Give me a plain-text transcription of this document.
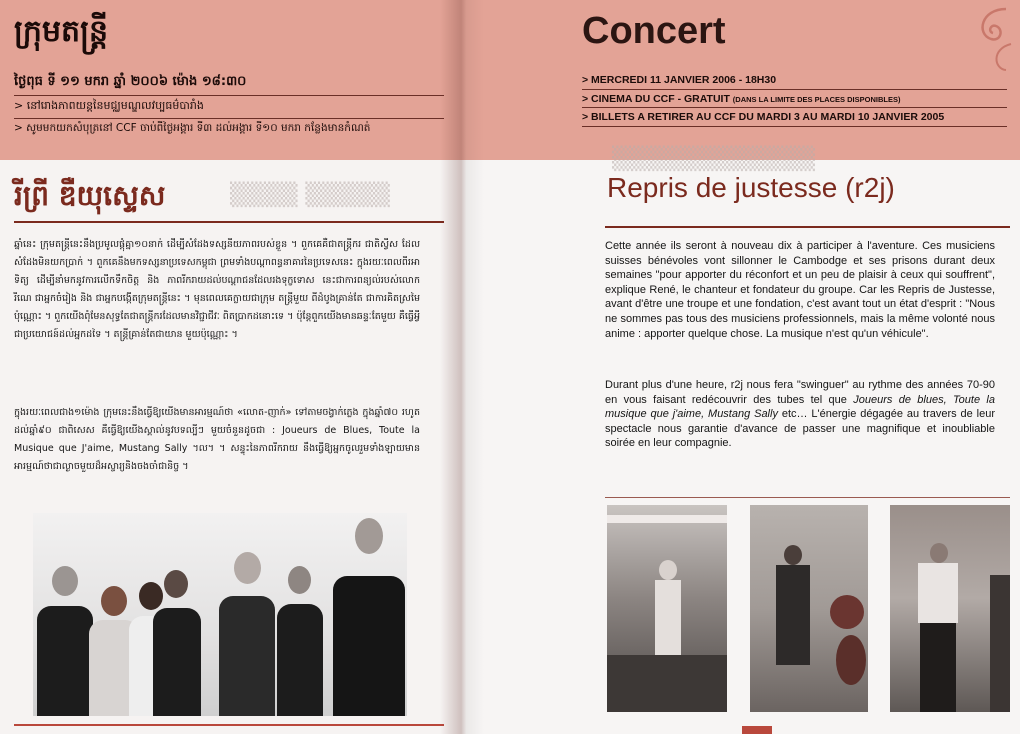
ក្រុមតន្ត្រី
ថ្ងៃពុធ ទី ១១ មករា ឆ្នាំ ២០០៦ ម៉ោង ១៨:៣០
> នៅរោងភាពយន្តនៃមជ្ឈមណ្ឌលវប្បធម៌បារាំង
> សូមមកយកសំបុត្រនៅ CCF ចាប់ពីថ្ងៃអង្គារ ទី៣ ដល់អង្គារ ទី១០ មករា កន្លែងមានកំណត់
▒▒▒▒ ▒▒▒▒▒
រីព្រី ឌឺយុស្ទេស
ឆ្នាំនេះ ក្រុមតន្ត្រីនេះនឹងប្រមូលផ្តុំគ្នា១០នាក់ ដើម្បីសំដែងទស្សនីយភាពរបស់ខ្លួន ។ ពួកគេគឺជាតន្ត្រីករ ជាតិស្វីស ដែលសំដែងមិនយកប្រាក់ ។ ពួកគេនឹងមកទស្សនាប្រទេសកម្ពុជា ព្រមទាំងបណ្តាពន្ធនាគារនៃប្រទេសនេះ ក្នុងរយៈពេលពីរអាទិត្យ ដើម្បីនាំមកនូវការលើកទឹកចិត្ត និង ភាពរីករាយដល់បណ្តាជនដែលរងទុក្ខទោស នេះជាការពន្យល់របស់លោក រីណេ ជាអ្នកចំរៀង និង ជាអ្នកបង្កើតក្រុមតន្ត្រីនេះ ។ មុនពេលគេក្លាយជាក្រុម តន្ត្រីមួយ ពីដំបូងគ្រាន់តែ ជាការគិតស្រមៃប៉ុណ្ណោះ ។ ពួកយើងពុំមែនសុទ្ធតែជាតន្ត្រីករដែលមានវិជ្ជាជីវៈ ពិតប្រាកដនោះទេ ។ ប៉ុន្តែពួកយើងមានឆន្ទៈតែមួយ គឺធ្វើអ្វីជាប្រយោជន៍ដល់អ្នកដទៃ ។ តន្ត្រីគ្រាន់តែជាយាន មួយប៉ុណ្ណោះ ។
ក្នុងរយៈពេលជាង១ម៉ោង ក្រុមនេះនឹងធ្វើឱ្យយើងមានអារម្មណ៍ថា «លោត-ញាក់» ទៅតាមចង្វាក់ភ្លេង ក្នុងឆ្នាំ៧០ រហូតដល់ឆ្នាំ៩០ ជាពិសេស គឺធ្វើឱ្យយើងស្គាល់នូវបទល្បីៗ មួយចំនួនដូចជា : Joueurs de Blues, Toute la Musique que J'aime, Mustang Sally ។ល។ ។ សន្ទុះនៃភាពរីករាយ នឹងធ្វើឱ្យអ្នកចូលរួមទាំងឡាយមាន អារម្មណ៍ថាជាល្ងាចមួយដ៏អស្ចារ្យនិងចងចាំជានិច្ច ។
Concert
> MERCREDI 11 JANVIER 2006 - 18H30
> CINEMA DU CCF - GRATUIT (DANS LA LIMITE DES PLACES DISPONIBLES)
> BILLETS A RETIRER AU CCF DU MARDI 3 AU MARDI 10 JANVIER 2005
▒▒▒▒▒▒▒▒▒▒▒▒
Repris de justesse (r2j)
Cette année ils seront à nouveau dix à participer à l'aventure. Ces musiciens suisses bénévoles vont sillonner le Cambodge et ses prisons durant deux semaines "pour apporter du réconfort et un peu de plaisir à ceux qui souffrent", explique René, le chanteur et fondateur du groupe. Car les Repris de Justesse, avant d'être une troupe et une fondation, c'est avant tout un état d'esprit : "Nous ne sommes pas tous des musiciens professionnels, mais la même volonté nous anime : apporter quelque chose. La musique n'est qu'un véhicule".
Durant plus d'une heure, r2j nous fera "swinguer" au rythme des années 70-90 en vous faisant redécouvrir des tubes tel que Joueurs de blues, Toute la musique que j'aime, Mustang Sally etc… L'énergie dégagée au travers de leur spectacle nous garantie d'avance de passer une magnifique et inoubliable soirée en leur compagnie.
